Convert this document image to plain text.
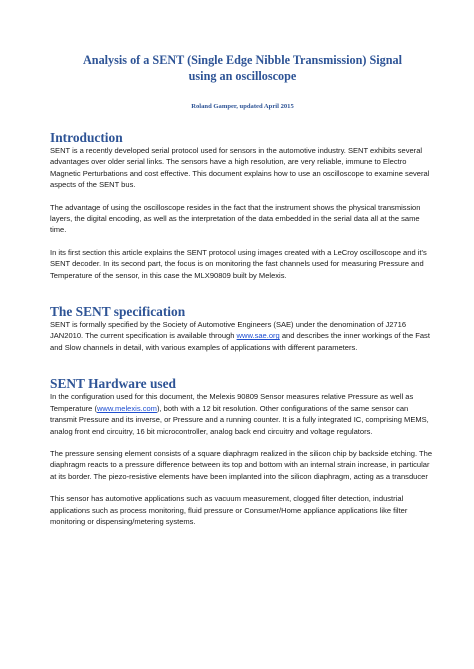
Analysis of a SENT (Single Edge Nibble Transmission) Signal
using an oscilloscope

Roland Gamper, updated April 2015

Introduction

SENT is a recently developed serial protocol used for sensors in the automotive industry. SENT exhibits several advantages over older serial links. The sensors have a high resolution, are very reliable, immune to Electro Magnetic Perturbations and cost effective. This document explains how to use an oscilloscope to examine several aspects of the SENT bus.

The advantage of using the oscilloscope resides in the fact that the instrument shows the physical transmission layers, the digital encoding, as well as the interpretation of the data embedded in the serial data all at the same time.

In its first section this article explains the SENT protocol using images created with a LeCroy oscilloscope and it's SENT decoder. In its second part, the focus is on monitoring the fast channels used for measuring Pressure and Temperature of the sensor, in this case the MLX90809 built by Melexis.

The SENT specification

SENT is formally specified by the Society of Automotive Engineers (SAE) under the denomination of J2716 JAN2010. The current specification is available through www.sae.org and describes the inner workings of the Fast and Slow channels in detail, with various examples of applications with different parameters.

SENT Hardware used

In the configuration used for this document, the Melexis 90809 Sensor measures relative Pressure as well as Temperature (www.melexis.com), both with a 12 bit resolution. Other configurations of the same sensor can transmit Pressure and its inverse, or Pressure and a running counter. It is a fully integrated IC, comprising MEMS, analog front end circuitry, 16 bit microcontroller, analog back end circuitry and voltage regulators.

The pressure sensing element consists of a square diaphragm realized in the silicon chip by backside etching. The diaphragm reacts to a pressure difference between its top and bottom with an internal strain increase, in particular at its border. The piezo-resistive elements have been implanted into the silicon diaphragm, acting as a transducer

This sensor has automotive applications such as vacuum measurement, clogged filter detection, industrial applications such as process monitoring, fluid pressure or Consumer/Home appliance applications like filter monitoring or dispensing/metering systems.
